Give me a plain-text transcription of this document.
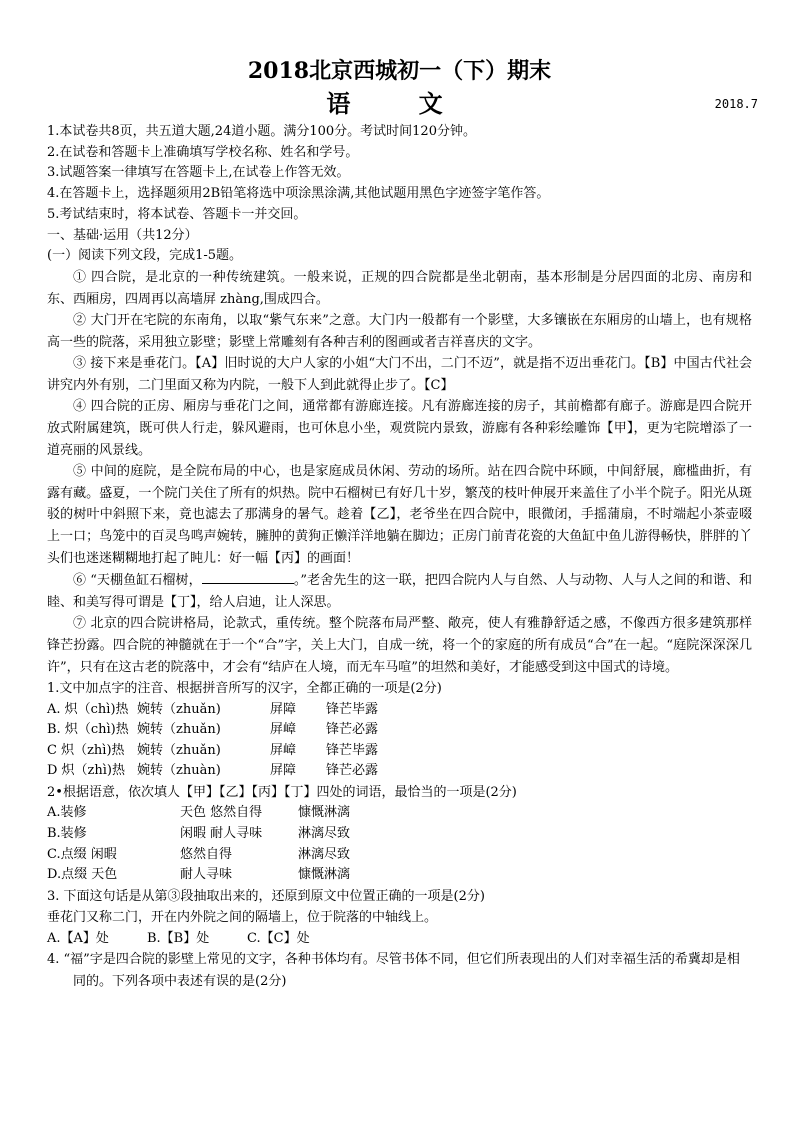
2018北京西城初一（下）期末
语 文	2018.7
1.本试卷共8页，共五道大题,24道小题。满分100分。考试时间120分钟。
2.在试卷和答题卡上准确填写学校名称、姓名和学号。
3.试题答案一律填写在答题卡上,在试卷上作答无效。
4.在答题卡上，选择题须用2B铅笔将选中项涂黑涂满,其他试题用黑色字迹签字笔作答。
5.考试结束时，将本试卷、答题卡一并交回。
一、基础·运用（共12分）
(一）阅读下列文段，完成1-5题。

① 四合院，是北京的一种传统建筑。一般来说，正规的四合院都是坐北朝南，基本形制是分居四面的北房、南房和东、西厢房，四周再以高墙屏 zhàng,围成四合。

② 大门开在宅院的东南角，以取“紫气东来”之意。大门内一般都有一个影壁，大多镶嵌在东厢房的山墙上，也有规格高一些的院落，采用独立影壁；影壁上常雕刻有各种吉利的图画或者吉祥喜庆的文字。

③ 接下来是垂花门。【A】旧时说的大户人家的小姐“大门不出，二门不迈”，就是指不迈出垂花门。【B】中国古代社会讲究内外有别，二门里面又称为内院，一般下人到此就得止步了。【C】

④ 四合院的正房、厢房与垂花门之间，通常都有游廊连接。凡有游廊连接的房子，其前檐都有廊子。游廊是四合院开放式附属建筑，既可供人行走，躲风避雨，也可休息小坐，观赏院内景致，游廊有各种彩绘雕饰【甲】，更为宅院增添了一道亮丽的风景线。

⑤ 中间的庭院，是全院布局的中心，也是家庭成员休闲、劳动的场所。站在四合院中环顾，中间舒展，廊槛曲折，有露有藏。盛夏，一个院门关住了所有的炽热。院中石榴树已有好几十岁，繁茂的枝叶伸展开来盖住了小半个院子。阳光从斑驳的树叶中斜照下来，竟也滤去了那满身的暑气。趁着【乙】，老爷坐在四合院中，眼微闭，手摇蒲扇，不时端起小茶壶啜上一口；鸟笼中的百灵鸟鸣声婉转，臃肿的黄狗正懒洋洋地躺在脚边；正房门前青花瓷的大鱼缸中鱼儿游得畅快，胖胖的丫头们也迷迷糊糊地打起了盹儿：好一幅【丙】的画面！

⑥ “天棚鱼缸石榴树，	。”老舍先生的这一联，把四合院内人与自然、人与动物、人与人之间的和谐、和睦、和美写得可谓是【丁】，给人启迪，让人深思。

⑦ 北京的四合院讲格局，论款式，重传统。整个院落布局严整、敞亮，使人有雅静舒适之感，不像西方很多建筑那样锋芒扮露。四合院的神髓就在于一个“合”字，关上大门，自成一统，将一个的家庭的所有成员“合”在一起。“庭院深深深几许”，只有在这古老的院落中，才会有“结庐在人境，而无车马喧”的坦然和美好，才能感受到这中国式的诗境。

1.文中加点字的注音、根据拼音所写的汉字，全都正确的一项是(2分)
A. 炽（chì)热 婉转（zhuǎn)	屏障 锋芒毕露
B. 炽（chì)热 婉转（zhuǎn)	屏嶂 锋芒必露
C 炽（zhì)热 婉转（zhuǎn)	屏嶂 锋芒毕露
D 炽（zhì)热 婉转（zhuàn)	屏障 锋芒必露
2•根据语意，依次填人【甲】【乙】【丙】【丁】四处的词语，最恰当的一项是(2分)
A.装修	天色 悠然自得	慷慨淋漓
B.装修	闲暇 耐人寻味	淋漓尽致
C.点缀 闲暇	悠然自得	淋漓尽致
D.点缀 天色	耐人寻味	慷慨淋漓
3. 下面这句话是从第③段抽取出来的，还原到原文中位置正确的一项是(2分)
垂花门又称二门，开在内外院之间的隔墙上，位于院落的中轴线上。
A.【A】处	B.【B】处	C.【C】处
4. “福”字是四合院的影壁上常见的文字，各种书体均有。尽管书体不同，但它们所表现出的人们对幸福生活的希冀却是相同的。下列各项中表述有误的是(2分)
